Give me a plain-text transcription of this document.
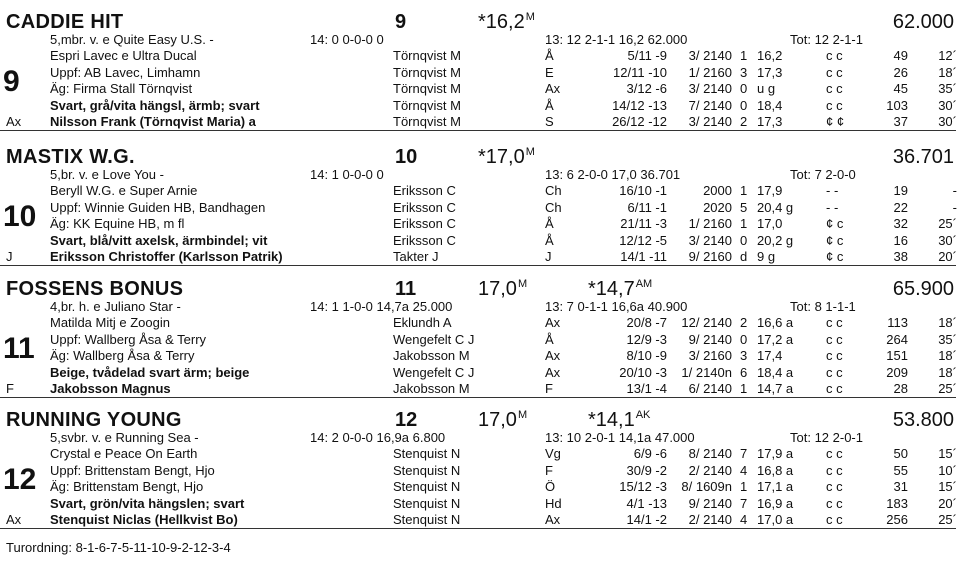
CADDIE HIT	9	$*16,2^M$	62.000
5,mbr. v. e Quite Easy U.S. -	14: 0 0-0-0 0	13: 12 2-1-1 16,2 62.000	Tot: 12 2-1-1
Espri Lavec e Ultra Ducal	Törnqvist M	Å	5/11 -9	3/ 2140 1 16,2	c c	49 12´
Uppf: AB Lavec, Limhamn	Törnqvist M	E	12/11 -10	1/ 2160 3 17,3	c c	26 18´
Äg: Firma Stall Törnqvist	Törnqvist M	Ax	3/12 -6	3/ 2140 0 u g	c c	45 35´
Svart, grå/vita hängsl, ärmb; svart	Törnqvist M	Å	14/12 -13	7/ 2140 0 18,4	c c	103 30´
Nilsson Frank (Törnqvist Maria) a	Törnqvist M	S	26/12 -12	3/ 2140 2 17,3	¢ ¢	37 30´
Ax
9
MASTIX W.G.	10	$*17,0^M$	36.701
5,br. v. e Love You -	14: 1 0-0-0 0	13: 6 2-0-0 17,0 36.701	Tot: 7 2-0-0
Beryll W.G. e Super Arnie	Eriksson C	Ch	16/10 -1	2000 1 17,9	- -	19	-
Uppf: Winnie Guiden HB, Bandhagen	Eriksson C	Ch	6/11 -1	2020 5 20,4 g	- -	22	-
Äg: KK Equine HB, m fl	Eriksson C	Å	21/11 -3	1/ 2160 1 17,0	¢ c	32 25´
Svart, blå/vitt axelsk, ärmbindel; vit	Eriksson C	Å	12/12 -5	3/ 2140 0 20,2 g	¢ c	16 30´
Eriksson Christoffer (Karlsson Patrik)	Takter J	J	14/1 -11	9/ 2160 d 9 g	¢ c	38 20´
J
10
FOSSENS BONUS	11	$17,0^M$	$*14,7^{AM}$	65.900
4,br. h. e Juliano Star -	14: 1 1-0-0 14,7a 25.000	13: 7 0-1-1 16,6a 40.900	Tot: 8 1-1-1
Matilda Mitj e Zoogin	Eklundh A	Ax	20/8 -7 12/ 2140 2 16,6 a	c c	113 18´
Uppf: Wallberg Åsa & Terry	Wengefelt C J	Å	12/9 -3	9/ 2140 0 17,2 a	c c	264 35´
Äg: Wallberg Åsa & Terry	Jakobsson M	Ax	8/10 -9	3/ 2160 3 17,4	c c	151 18´
Beige, tvådelad svart ärm; beige	Wengefelt C J	Ax	20/10 -3 1/ 2140n 6 18,4 a	c c	209 18´
Jakobsson Magnus	Jakobsson M	F	13/1 -4	6/ 2140 1 14,7 a	c c	28 25´
F
11
RUNNING YOUNG	12	$17,0^M$	$*14,1^{AK}$	53.800
5,svbr. v. e Running Sea -	14: 2 0-0-0 16,9a 6.800	13: 10 2-0-1 14,1a 47.000	Tot: 12 2-0-1
Crystal e Peace On Earth	Stenquist N	Vg	6/9 -6	8/ 2140 7 17,9 a	c c	50 15´
Uppf: Brittenstam Bengt, Hjo	Stenquist N	F	30/9 -2	2/ 2140 4 16,8 a	c c	55 10´
Äg: Brittenstam Bengt, Hjo	Stenquist N	Ö	15/12 -3 8/ 1609n 1 17,1 a	c c	31 15´
Svart, grön/vita hängslen; svart	Stenquist N	Hd	4/1 -13	9/ 2140 7 16,9 a	c c	183 20´
Stenquist Niclas (Hellkvist Bo)	Stenquist N	Ax	14/1 -2	2/ 2140 4 17,0 a	c c	256 25´
Ax
12
Turordning: 8-1-6-7-5-11-10-9-2-12-3-4
